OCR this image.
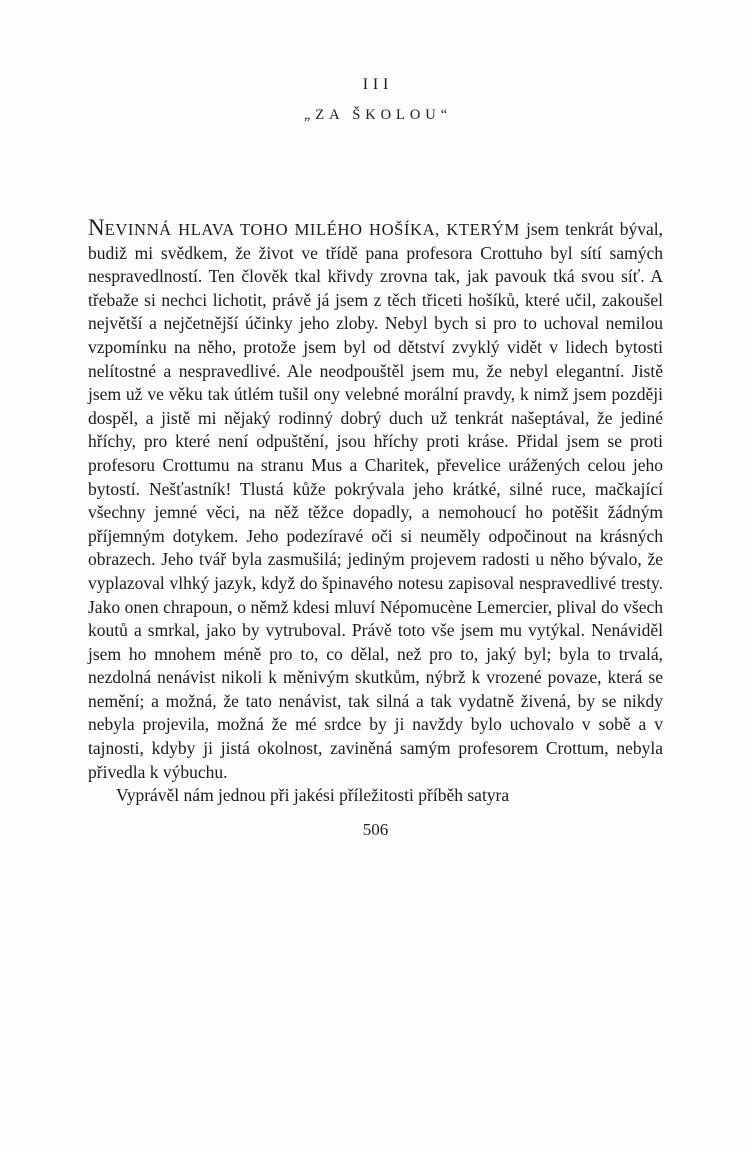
III
„ZA ŠKOLOU“

NEVINNÁ HLAVA TOHO MILÉHO HOŠÍKA, KTERÝM jsem tenkrát býval, budiž mi svědkem, že život ve třídě pana profesora Crottuho byl sítí samých nespravedlností. Ten člověk tkal křivdy zrovna tak, jak pavouk tká svou síť. A třebaže si nechci lichotit, právě já jsem z těch třiceti hošíků, které učil, zakoušel největší a nejčetnější účinky jeho zloby. Nebyl bych si pro to uchoval nemilou vzpomínku na něho, protože jsem byl od dětství zvyklý vidět v lidech bytosti nelítostné a nespravedlivé. Ale neodpouštěl jsem mu, že nebyl elegantní. Jistě jsem už ve věku tak útlém tušil ony velebné morální pravdy, k nimž jsem později dospěl, a jistě mi nějaký rodinný dobrý duch už tenkrát našeptával, že jediné hříchy, pro které není odpuštění, jsou hříchy proti kráse. Přidal jsem se proti profesoru Crottumu na stranu Mus a Charitek, převelice urážených celou jeho bytostí. Nešťastník! Tlustá kůže pokrývala jeho krátké, silné ruce, mačkající všechny jemné věci, na něž těžce dopadly, a nemohoucí ho potěšit žádným příjemným dotykem. Jeho podezíravé oči si neuměly odpočinout na krásných obrazech. Jeho tvář byla zasmušilá; jediným projevem radosti u něho bývalo, že vyplazoval vlhký jazyk, když do špinavého notesu zapisoval nespravedlivé tresty. Jako onen chrapoun, o němž kdesi mluví Népomucène Lemercier, plival do všech koutů a smrkal, jako by vytruboval. Právě toto vše jsem mu vytýkal. Nenáviděl jsem ho mnohem méně pro to, co dělal, než pro to, jaký byl; byla to trvalá, nezdolná nenávist nikoli k měnivým skutkům, nýbrž k vrozené povaze, která se nemění; a možná, že tato nenávist, tak silná a tak vydatně živená, by se nikdy nebyla projevila, možná že mé srdce by ji navždy bylo uchovalo v sobě a v tajnosti, kdyby ji jistá okolnost, zaviněná samým profesorem Crottum, nebyla přivedla k výbuchu.

Vyprávěl nám jednou při jakési příležitosti příběh satyra

506
